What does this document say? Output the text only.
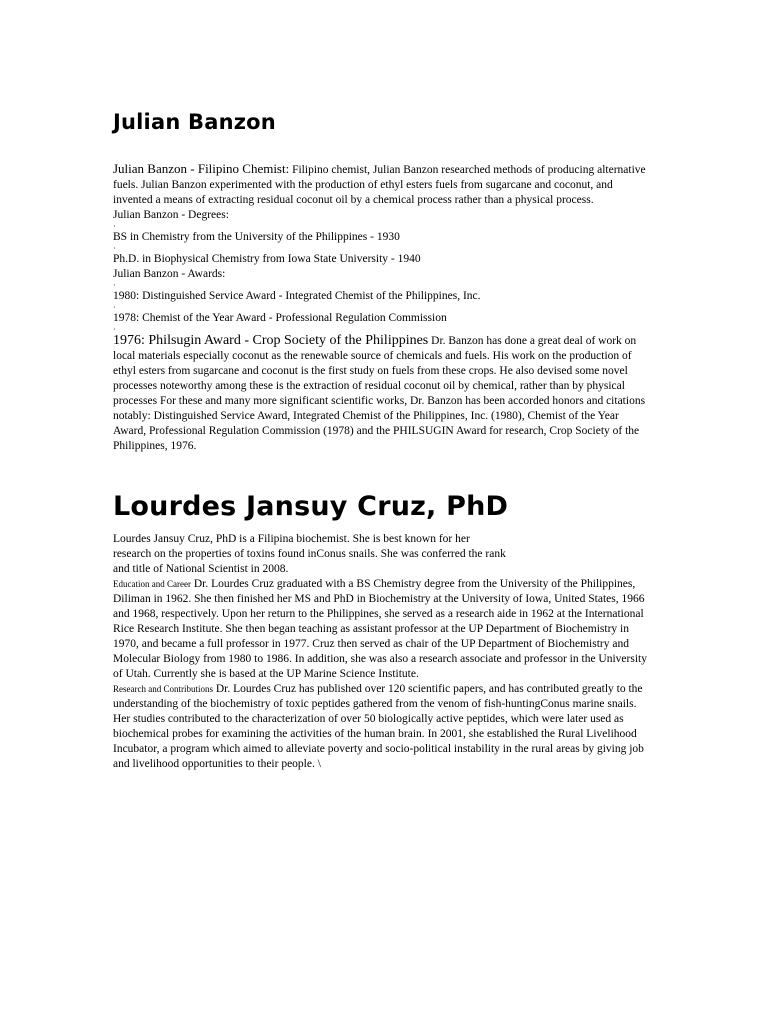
Julian Banzon

Julian Banzon - Filipino Chemist: Filipino chemist, Julian Banzon researched methods of producing alternative fuels. Julian Banzon experimented with the production of ethyl esters fuels from sugarcane and coconut, and invented a means of extracting residual coconut oil by a chemical process rather than a physical process.

Julian Banzon - Degrees:

·

BS in Chemistry from the University of the Philippines - 1930

·

Ph.D. in Biophysical Chemistry from Iowa State University - 1940

Julian Banzon - Awards:

·

1980: Distinguished Service Award - Integrated Chemist of the Philippines, Inc.

·

1978: Chemist of the Year Award - Professional Regulation Commission

·

1976: Philsugin Award - Crop Society of the Philippines Dr. Banzon has done a great deal of work on local materials especially coconut as the renewable source of chemicals and fuels. His work on the production of ethyl esters from sugarcane and coconut is the first study on fuels from these crops. He also devised some novel processes noteworthy among these is the extraction of residual coconut oil by chemical, rather than by physical processes For these and many more significant scientific works, Dr. Banzon has been accorded honors and citations notably: Distinguished Service Award, Integrated Chemist of the Philippines, Inc. (1980), Chemist of the Year Award, Professional Regulation Commission (1978) and the PHILSUGIN Award for research, Crop Society of the Philippines, 1976.

Lourdes Jansuy Cruz, PhD
Lourdes Jansuy Cruz, PhD is a Filipina biochemist. She is best known for her
research on the properties of toxins found inConus snails. She was conferred the rank
and title of National Scientist in 2008.

Education and Career Dr. Lourdes Cruz graduated with a BS Chemistry degree from the University of the Philippines, Diliman in 1962. She then finished her MS and PhD in Biochemistry at the University of Iowa, United States, 1966 and 1968, respectively. Upon her return to the Philippines, she served as a research aide in 1962 at the International Rice Research Institute. She then began teaching as assistant professor at the UP Department of Biochemistry in 1970, and became a full professor in 1977. Cruz then served as chair of the UP Department of Biochemistry and Molecular Biology from 1980 to 1986. In addition, she was also a research associate and professor in the University of Utah. Currently she is based at the UP Marine Science Institute.

Research and Contributions Dr. Lourdes Cruz has published over 120 scientific papers, and has contributed greatly to the understanding of the biochemistry of toxic peptides gathered from the venom of fish-huntingConus marine snails. Her studies contributed to the characterization of over 50 biologically active peptides, which were later used as biochemical probes for examining the activities of the human brain. In 2001, she established the Rural Livelihood Incubator, a program which aimed to alleviate poverty and socio-political instability in the rural areas by giving job and livelihood opportunities to their people. \
